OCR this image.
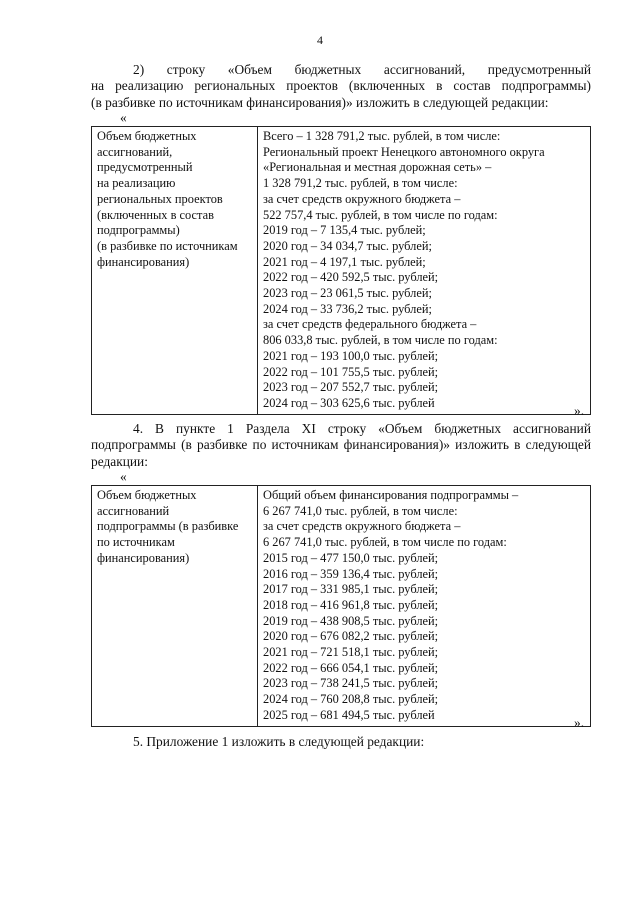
4
2) строку «Объем бюджетных ассигнований, предусмотренный
на реализацию региональных проектов (включенных в состав подпрограммы)
(в разбивке по источникам финансирования)» изложить в следующей редакции:
«
Объем бюджетных
ассигнований,
предусмотренный
на реализацию
региональных проектов
(включенных в состав
подпрограммы)
(в разбивке по источникам
финансирования)

Всего – 1 328 791,2 тыс. рублей, в том числе:
Региональный проект Ненецкого автономного округа
«Региональная и местная дорожная сеть» –
1 328 791,2 тыс. рублей, в том числе:
за счет средств окружного бюджета –
522 757,4 тыс. рублей, в том числе по годам:
2019 год – 7 135,4 тыс. рублей;
2020 год – 34 034,7 тыс. рублей;
2021 год – 4 197,1 тыс. рублей;
2022 год – 420 592,5 тыс. рублей;
2023 год – 23 061,5 тыс. рублей;
2024 год – 33 736,2 тыс. рублей;
за счет средств федерального бюджета –
806 033,8 тыс. рублей, в том числе по годам:
2021 год – 193 100,0 тыс. рублей;
2022 год – 101 755,5 тыс. рублей;
2023 год – 207 552,7 тыс. рублей;
2024 год – 303 625,6 тыс. рублей
».
4. В пункте 1 Раздела XI строку «Объем бюджетных ассигнований
подпрограммы (в разбивке по источникам финансирования)» изложить в следующей
редакции:
«
Объем бюджетных
ассигнований
подпрограммы (в разбивке
по источникам
финансирования)

Общий объем финансирования подпрограммы –
6 267 741,0 тыс. рублей, в том числе:
за счет средств окружного бюджета –
6 267 741,0 тыс. рублей, в том числе по годам:
2015 год – 477 150,0 тыс. рублей;
2016 год – 359 136,4 тыс. рублей;
2017 год – 331 985,1 тыс. рублей;
2018 год – 416 961,8 тыс. рублей;
2019 год – 438 908,5 тыс. рублей;
2020 год – 676 082,2 тыс. рублей;
2021 год – 721 518,1 тыс. рублей;
2022 год – 666 054,1 тыс. рублей;
2023 год – 738 241,5 тыс. рублей;
2024 год – 760 208,8 тыс. рублей;
2025 год – 681 494,5 тыс. рублей
».
5. Приложение 1 изложить в следующей редакции:
